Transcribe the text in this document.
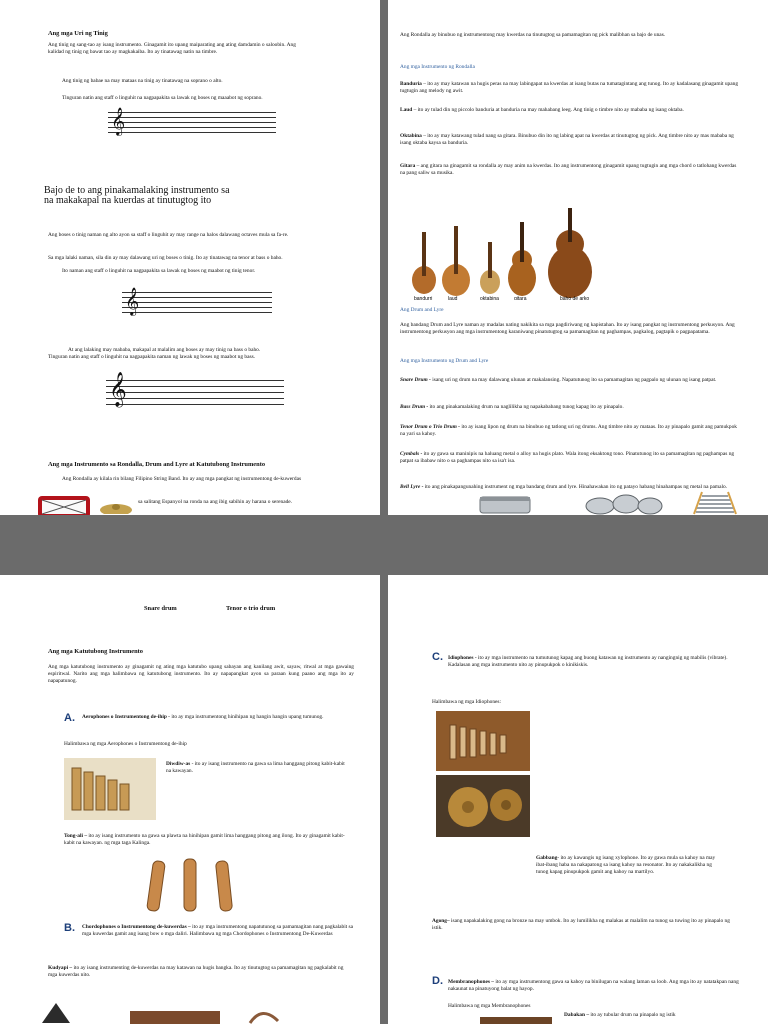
Ang mga Uri ng Tinig
Ang tinig ng sang-tao ay isang instrumento. Ginagamit ito upang maiparating ang ating damdamin o saloobin. Ang
kalidad ng tinig ng bawat tao ay magkakaiba. Ito ay tinatawag natin na timbre.
Ang tinig ng babae na may mataas na tinig ay tinatawag na soprano o alto.
Tinguran natin ang staff o linguhit na nagpapakita sa lawak ng boses ng maaabot ng soprano.
𝄞
Bajo de to ang pinakamalaking instrumento sa
na makakapal na kuerdas at tinutugtog ito
Ang boses o tinig naman ng alto ayon sa staff o linguhit ay may range na halos dalawang octaves mula sa fa-re.
Sa mga lalaki naman, sila din ay may dalawang uri ng boses o tinig. Ito ay tinatawag na tenor at bass o baho.
Ito naman ang staff o linguhit na nagpapakita sa lawak ng boses ng maabot ng tinig tenor.
𝄞
At ang lalaking may mababa, makapal at malalim ang boses ay may tinig na bass o baho.
Tinguran natin ang staff o linguhit na nagpapakita naman ng lawak ng boses ng maabot ng bass.
𝄞
Ang mga Instrumento sa Rondalla, Drum and Lyre at Katutubong Instrumento
Ang Rondalla ay kilala rin bilang Filipino String Band. Ito ay ang mga pangkat ng instrumentong de-kuwerdas
sa salitang Espanyol na ronda na ang ibig sabihin ay harana o serenade.
Ang Rondalla ay binubuo ng instrumentong may kwerdas na tinutugtog sa pamamagitan ng pick malibhan sa bajo de unas.
Ang mga Instrumento ng Rondalla
Banduria – ito ay may katawan na hugis peras na may labingapat na kwerdas at isang butas na tumatagintang ang tunog. Ito ay kadalasang ginagamit upang tugtugin ang melody ng awit.
Laud – ito ay tulad din ng piccolo banduria at banduria na may mahabang leeg. Ang tinig o timbre nito ay mababa ng isang oktaba.
Oktabina – ito ay may katawang tulad nang sa gitara. Binubuo din ito ng labing apat na kwerdas at tinutugtog ng pick. Ang timbre nito ay mas mababa ng isang oktaba kaysa sa banduria.
Gitara – ang gitara na ginagamit sa rondalla ay may anim na kwerdas. Ito ang instrumentong ginagamit upang tugtugin ang mga chord o tatlohang kwerdas na pang saliw sa musika.
bandurri	laud	oktabina	gitara	baho de arko
Ang Drum and Lyre
Ang bandang Drum and Lyre naman ay madalas nating nakikita sa mga pagdiriwang ng kapistahan. Ito ay isang pangkat ng instrumentong perkusyon. Ang instrumentong perkusyon ang mga instrumentong karaniwang pinatutugtog sa pamamagitan ng paghampas, pagkalog, pagtapik o pagpapatama.
Ang mga Instrumento ng Drum and Lyre
Snare Drum - isang uri ng drum na may dalawang ulunan at makalansing. Napatutunog ito sa pamamagitan ng pagpalo ng ulunan ng isang patpat.
Bass Drum - ito ang pinakamalaking drum na naglilikha ng napakababang tunog kapag ito ay pinapalo.
Tenor Drum o Trio Drum - ito ay isang lipon ng drum na binubuo ng tatlong uri ng drums. Ang timbre nito ay mataas. Ito ay pinapalo gamit ang pamukpok na yari sa kahoy.
Cymbals - ito ay gawa sa maninipis na haluang metal o alloy na hugis plato. Wala itong eksaktong tono. Pinatutunog ito sa pamamagitan ng paghampas ng patpat sa ibabaw nito o sa paghampas nito sa isa't isa.
Bell Lyre - ito ang pinakapangunahing instrument ng mga bandang drum and lyre. Hinahawakan ito ng patayo habang hinahampas ng metal na pamalo.
Snare drum	Tenor o trio drum
Ang mga Katutubong Instrumento
Ang mga katutubong instrumento ay ginagamit ng ating mga katutubo upang sabayan ang kanilang awit, sayaw, ritwal at mga gawaing espiritwal. Narito ang mga halimbawa ng katutubong instrumento. Ito ay napapangkat ayon sa paraan kung paano ang mga ito ay napapatunog.
A. Aerophones o Instrumentong de-ihip - ito ay mga instrumentong hinihipan ng hangin hangin upang tumunog.
Halimbawa ng mga Aerophones o Instrumentong de-ihip
Diwdiw-as - ito ay isang instrumento na gawa sa lima hanggang pitong kabit-kabit na kawayan.
Tong-ali – ito ay isang instrumento na gawa sa plawta na hinihipan gamit lima hanggang pitong ang ilong. Ito ay ginagamit kabit-kabit na kawayan. ng mga taga Kalinga.
B. Chordophones o Instrumentong de-kuwerdas – ito ay mga instrumentong napatutunog sa pamamagitan nang pagkalabit sa mga kuwerdas gamit ang isang bow o mga daliri. Halimbawa ng mga Chordophones o Instrumentong De-Kuwerdas
Kudyapi – ito ay isang instrumenting de-kuwerdas na may katawan na hugis bangka. Ito ay tinutugtog sa pamamagitan ng pagkalabit ng mga kuwerdas nito.
C. Idiophones - ito ay mga instrumento na tumutunog kapag ang buong katawan ng instrumento ay nangingnig ng mabilis (vibrate). Kadalasan ang mga instrumento nito ay pinupukpok o kinikiskis.
Halimbawa ng mga Idiophones:
Gabbang- ito ay kawangis ng isang xylophone. Ito ay gawa mula sa kahoy na may ibat-ibang haba na nakapatong sa isang kahoy na resonator. Ito ay nakakalikha ng tunog kapag pinupukpok gamit ang kahoy na martilyo.
Agong– isang napakalaking gong na bronze na may umbok. Ito ay lumilikha ng malakas at malalim na tunog sa tuwing ito ay pinapalo ng istik.
D. Membranophones – ito ay mga instrumentong gawa sa kahoy na binilugan na walang laman sa loob. Ang mga ito ay natatakpan nang nakaunat na pinatuyong balat ng hayop.
Halimbawa ng mga Membranophones
Dabakan – ito ay tubular drum na pinapalo ng istik
